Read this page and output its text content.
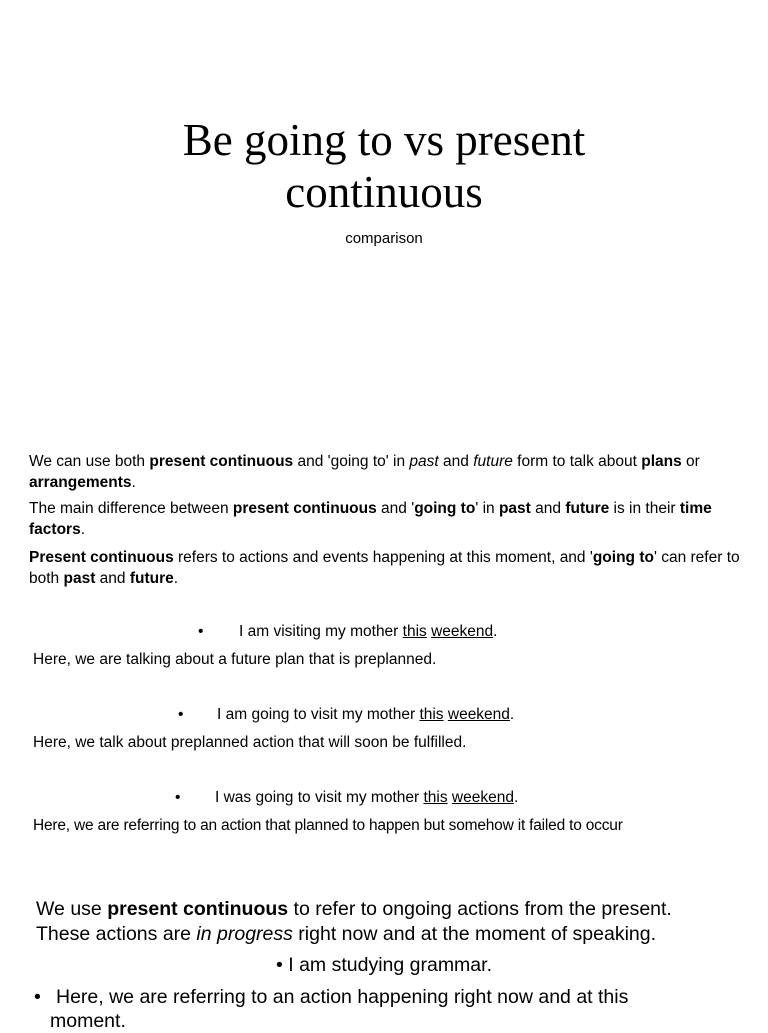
Be going to vs present
continuous
comparison
We can use both present continuous and 'going to' in past and future form to talk about plans or arrangements.
The main difference between present continuous and 'going to' in past and future is in their time factors.
Present continuous refers to actions and events happening at this moment, and 'going to' can refer to both past and future.
• I am visiting my mother this weekend.
Here, we are talking about a future plan that is preplanned.
• I am going to visit my mother this weekend.
Here, we talk about preplanned action that will soon be fulfilled.
• I was going to visit my mother this weekend.
Here, we are referring to an action that planned to happen but somehow it failed to occur
We use present continuous to refer to ongoing actions from the present.
These actions are in progress right now and at the moment of speaking.
• I am studying grammar.
• Here, we are referring to an action happening right now and at this moment.
